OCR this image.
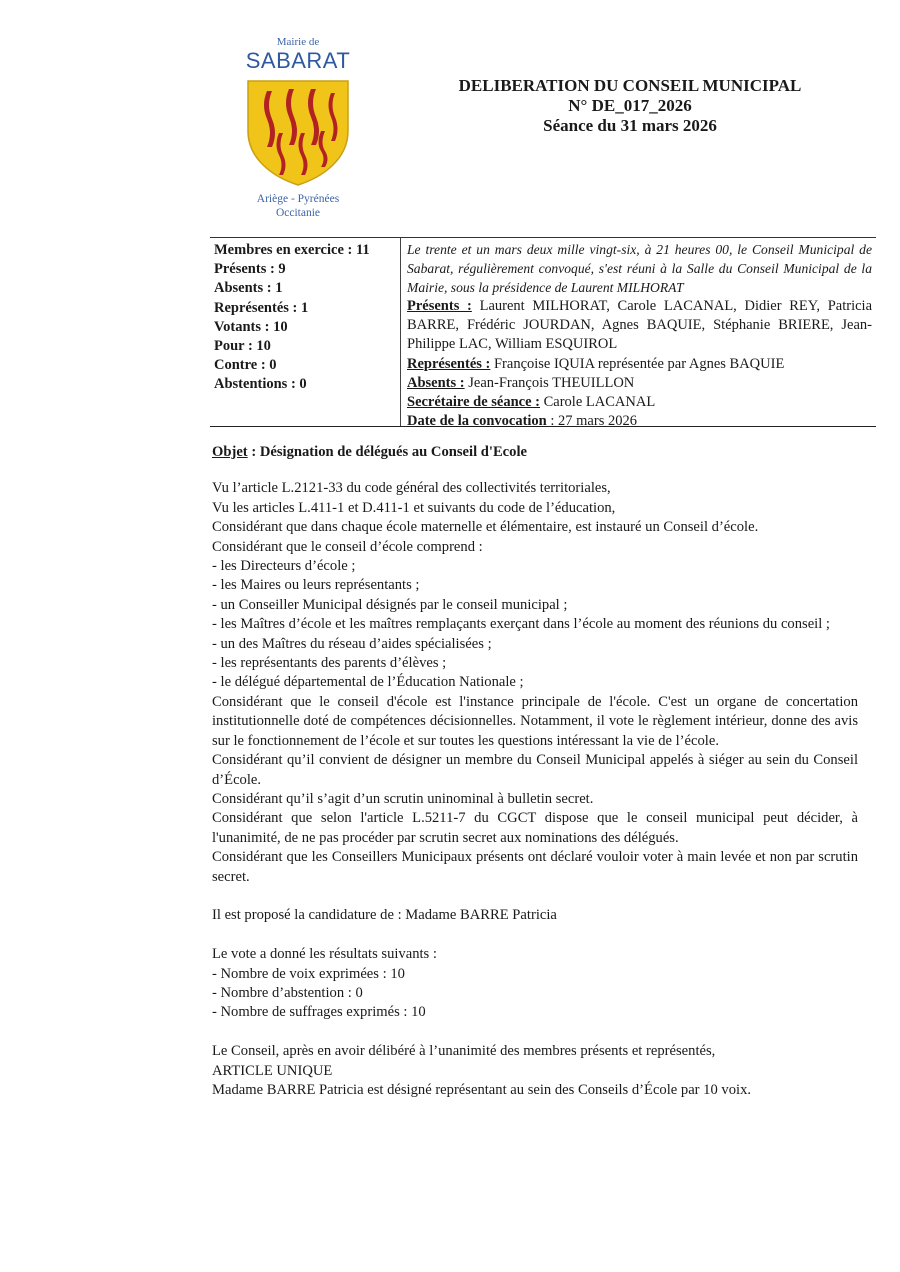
Mairie de
SABARAT
Ariège - Pyrénées
Occitanie
DELIBERATION DU CONSEIL MUNICIPAL
N° DE_017_2026
Séance du 31 mars 2026
Membres en exercice : 11
Présents : 9
Absents : 1
Représentés : 1
Votants : 10
Pour : 10
Contre : 0
Abstentions : 0
Le trente et un mars deux mille vingt-six, à 21 heures 00, le Conseil Municipal de Sabarat, régulièrement convoqué, s'est réuni à la Salle du Conseil Municipal de la Mairie, sous la présidence de Laurent MILHORAT
Présents : Laurent MILHORAT, Carole LACANAL, Didier REY, Patricia BARRE, Frédéric JOURDAN, Agnes BAQUIE, Stéphanie BRIERE, Jean-Philippe LAC, William ESQUIROL
Représentés : Françoise IQUIA représentée par Agnes BAQUIE
Absents : Jean-François THEUILLON
Secrétaire de séance : Carole LACANAL
Date de la convocation : 27 mars 2026

Objet : Désignation de délégués au Conseil d'Ecole

Vu l’article L.2121-33 du code général des collectivités territoriales,

Vu les articles L.411-1 et D.411-1 et suivants du code de l’éducation,

Considérant que dans chaque école maternelle et élémentaire, est instauré un Conseil d’école.

Considérant que le conseil d’école comprend :

- les Directeurs d’école ;

- les Maires ou leurs représentants ;

- un Conseiller Municipal désignés par le conseil municipal ;

- les Maîtres d’école et les maîtres remplaçants exerçant dans l’école au moment des réunions du conseil ;

- un des Maîtres du réseau d’aides spécialisées ;

- les représentants des parents d’élèves ;

- le délégué départemental de l’Éducation Nationale ;

Considérant que le conseil d'école est l'instance principale de l'école. C'est un organe de concertation institutionnelle doté de compétences décisionnelles. Notamment, il vote le règlement intérieur, donne des avis sur le fonctionnement de l’école et sur toutes les questions intéressant la vie de l’école.

Considérant qu’il convient de désigner un membre du Conseil Municipal appelés à siéger au sein du Conseil d’École.

Considérant qu’il s’agit d’un scrutin uninominal à bulletin secret.

Considérant que selon l'article L.5211-7 du CGCT dispose que le conseil municipal peut décider, à l'unanimité, de ne pas procéder par scrutin secret aux nominations des délégués.

Considérant que les Conseillers Municipaux présents ont déclaré vouloir voter à main levée et non par scrutin secret.

Il est proposé la candidature de : Madame BARRE Patricia

Le vote a donné les résultats suivants :

- Nombre de voix exprimées : 10

- Nombre d’abstention : 0

- Nombre de suffrages exprimés : 10

Le Conseil, après en avoir délibéré à l’unanimité des membres présents et représentés,

ARTICLE UNIQUE

Madame BARRE Patricia est désigné représentant au sein des Conseils d’École par 10 voix.
